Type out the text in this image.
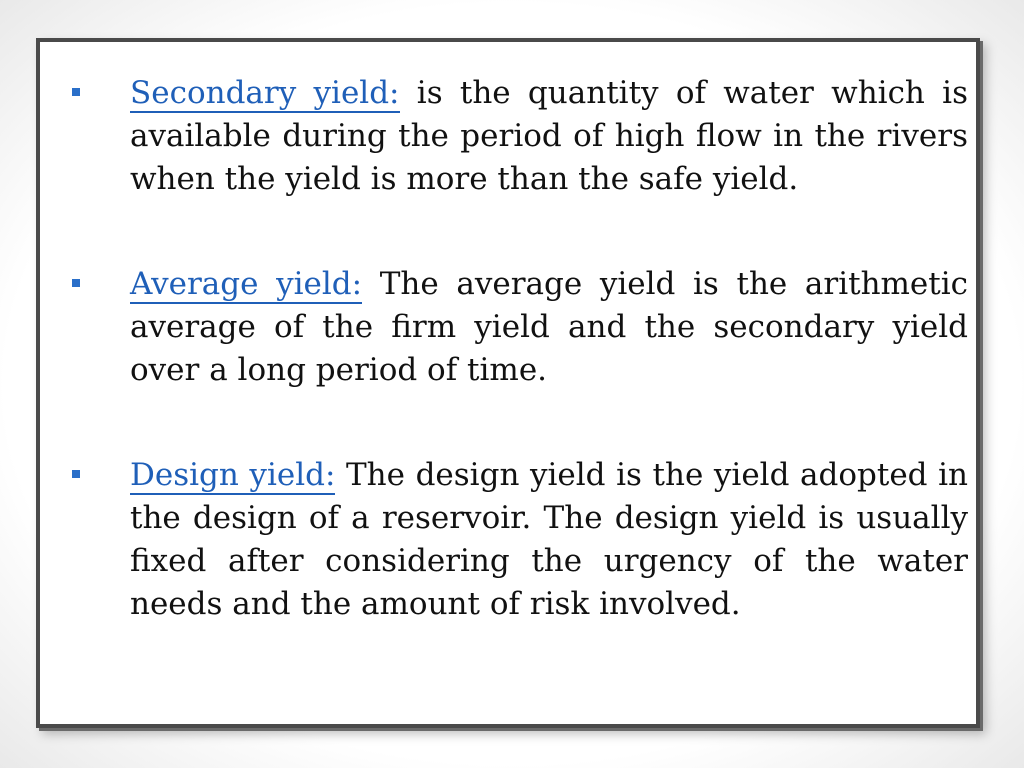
Secondary yield: is the quantity of water which is available during the period of high flow in the rivers when the yield is more than the safe yield.
Average yield: The average yield is the arithmetic average of the firm yield and the secondary yield over a long period of time.
Design yield: The design yield is the yield adopted in the design of a reservoir. The design yield is usually fixed after considering the urgency of the water needs and the amount of risk involved.
